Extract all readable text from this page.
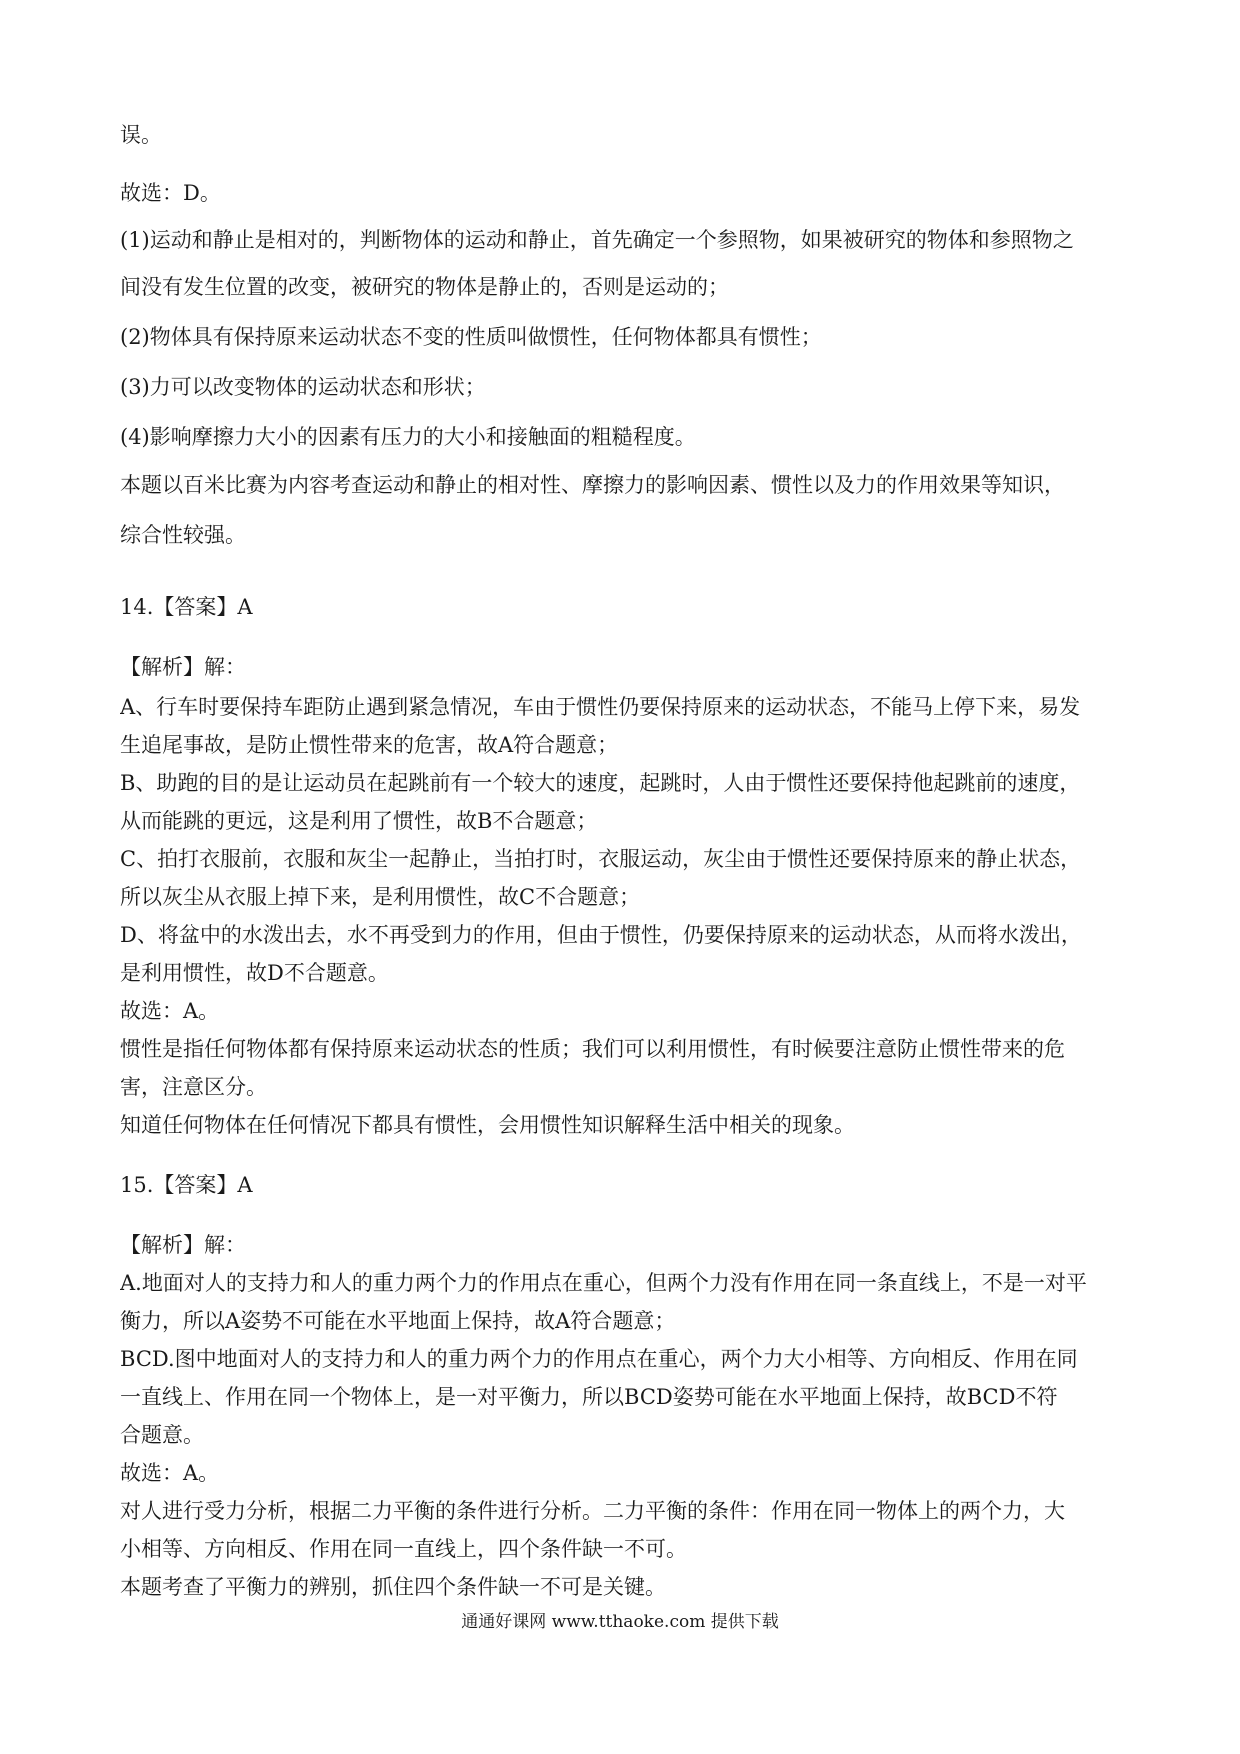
误。
故选：D。
(1)运动和静止是相对的，判断物体的运动和静止，首先确定一个参照物，如果被研究的物体和参照物之
间没有发生位置的改变，被研究的物体是静止的，否则是运动的；
(2)物体具有保持原来运动状态不变的性质叫做惯性，任何物体都具有惯性；
(3)力可以改变物体的运动状态和形状；
(4)影响摩擦力大小的因素有压力的大小和接触面的粗糙程度。
本题以百米比赛为内容考查运动和静止的相对性、摩擦力的影响因素、惯性以及力的作用效果等知识，
综合性较强。
14.【答案】A
【解析】解：
A、行车时要保持车距防止遇到紧急情况，车由于惯性仍要保持原来的运动状态，不能马上停下来，易发
生追尾事故，是防止惯性带来的危害，故A符合题意；
B、助跑的目的是让运动员在起跳前有一个较大的速度，起跳时，人由于惯性还要保持他起跳前的速度，
从而能跳的更远，这是利用了惯性，故B不合题意；
C、拍打衣服前，衣服和灰尘一起静止，当拍打时，衣服运动，灰尘由于惯性还要保持原来的静止状态，
所以灰尘从衣服上掉下来，是利用惯性，故C不合题意；
D、将盆中的水泼出去，水不再受到力的作用，但由于惯性，仍要保持原来的运动状态，从而将水泼出，
是利用惯性，故D不合题意。
故选：A。
惯性是指任何物体都有保持原来运动状态的性质；我们可以利用惯性，有时候要注意防止惯性带来的危
害，注意区分。
知道任何物体在任何情况下都具有惯性，会用惯性知识解释生活中相关的现象。
15.【答案】A
【解析】解：
A.地面对人的支持力和人的重力两个力的作用点在重心，但两个力没有作用在同一条直线上，不是一对平
衡力，所以A姿势不可能在水平地面上保持，故A符合题意；
BCD.图中地面对人的支持力和人的重力两个力的作用点在重心，两个力大小相等、方向相反、作用在同
一直线上、作用在同一个物体上，是一对平衡力，所以BCD姿势可能在水平地面上保持，故BCD不符
合题意。
故选：A。
对人进行受力分析，根据二力平衡的条件进行分析。二力平衡的条件：作用在同一物体上的两个力，大
小相等、方向相反、作用在同一直线上，四个条件缺一不可。
本题考查了平衡力的辨别，抓住四个条件缺一不可是关键。
通通好课网 www.tthaoke.com 提供下载
